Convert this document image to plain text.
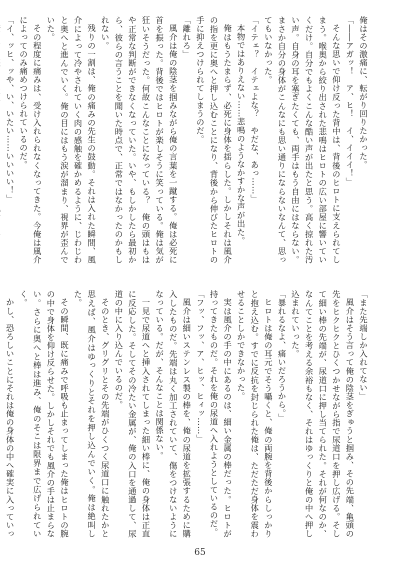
俺はその激痛に、転がり回りたかった。

「――アガッ！　ア、ヒ！　イ、イイイ！」

そんな思いで仰け反った背中は、背後のヒロトに支えられてしまう。喉奥から絞り出された悲鳴はヒロトの広い部屋に響いていくだけ。自分でもよくこんな酷い声が出たと思う。高く掠れた汚い声。自身の耳を塞ぎたくても、両手はもう自由にはならない。まさか自分の身体がこんなにも思い通りにならないなんて、思ってもいなかった。

「イテェ？　イテェよな？　やだな、あっ……」

本物ではありえない……悲鳴のようなかすかな声が出た。

俺はもうたまらず、必死に身体を揺らした。しかしそれは風介の指を更に奥へと押し込むことになり、背後から伸びたヒロトの手に抑えつけられてしまうのだ。

「離れろ」

風介は俺の陰茎を掴みながら俺の言葉を一蹴する。俺は必死に首を振った。背後ではヒロトが楽しそうに笑っている。俺は気が狂いそうだった。何故こんなことになっている？　俺の頭はもはや正常な判断ができなくなっていた。いや、もしかしたら最初から、彼らの言うことを聞いた時点で、正常ではなかったのかもしれない。

残りの一割は、俺の痛みの先生の鼓動。それは入れた瞬間、風介によって冷やされていく肉の感触を確かめるように、じわじわと奥へと進んでいく。俺の目にはもう涙が溜まり、視界が歪んでいた。

その程度に痛みは、受け入れられなくなってきた。今俺は風介によってのみ痛めつけられているのだ。

「イ、ッヒ、ッや、い、いたい……いいいい！」

「また先端しか入れてない」

風介はそう言って俺の陰茎をぎゅうと掴み、その先端、亀頭の先をヒクヒクとひくつかせながら指で尿道口を押し広げる。そして細い棒の先端が、尿道口に押し当てられた。それが何なのか、なんてことを考える余裕もなく、それはゆっくりと俺の中へ押し込まれていった。

「暴れるなよ、痛いだろうから。」

ヒロトは俺の耳元でそう囁くと、俺の両腕を背後からしっかりと抱え込む。すでに反抗を封じられた俺は、ただただ身体を震わせることしかできなかった。

実は風介の手の中にあるのは、細い金属の棒だった。ヒロトが持ってきたものだ。それを俺の尿道へ入れようとしているのだ。

「フッ、フッ、ア、ヒッ、ヒィッ……」

風介は細いステンレス製の棒を、俺の尿道を拡張するために購入したものだ。先端は丸く加工されていて、傷をつけないようになっている。だが、そんなことは関係ない。

一見で尿道へと挿入されてしまった細い棒に、俺の身体は正直に反応した。そしてその冷たい金属が、俺の入口を通過して、尿道の中に入り込んでいるのだ。

そのとき、グリグリとその先端がひくつく尿道口に触れたかと思えば、風介はゆっくりとそれを押し込んでいく。俺は絶叫した。

その瞬間、既に痛みで呼吸も止まってしまった俺はヒロトの腕の中で身体を仰け反らせた。しかしそれでも風介の手は止まらない。さらに奥へと棒は進み、俺のそこは限界まで広げられていく。

かし、恐ろしいことにそれは俺の身体の中へ確実に入っていっ

65
